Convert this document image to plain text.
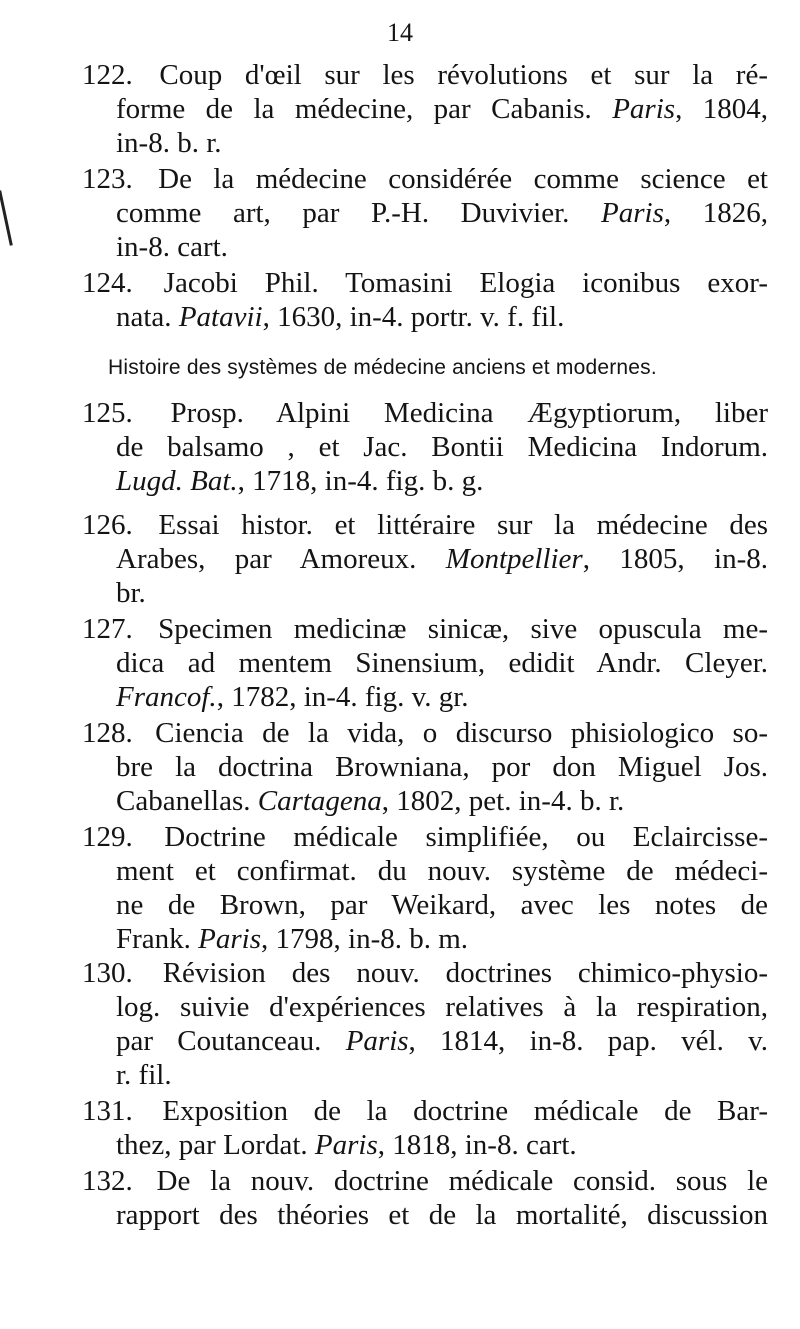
14
122. Coup d'œil sur les révolutions et sur la ré-
forme de la médecine, par Cabanis. Paris, 1804,
in-8. b. r.
123. De la médecine considérée comme science et
comme art, par P.-H. Duvivier. Paris, 1826,
in-8. cart.
124. Jacobi Phil. Tomasini Elogia iconibus exor-
nata. Patavii, 1630, in-4. portr. v. f. fil.
Histoire des systèmes de médecine anciens et modernes.
125. Prosp. Alpini Medicina Ægyptiorum, liber
de balsamo , et Jac. Bontii Medicina Indorum.
Lugd. Bat., 1718, in-4. fig. b. g.
126. Essai histor. et littéraire sur la médecine des
Arabes, par Amoreux. Montpellier, 1805, in-8.
br.
127. Specimen medicinæ sinicæ, sive opuscula me-
dica ad mentem Sinensium, edidit Andr. Cleyer.
Francof., 1782, in-4. fig. v. gr.
128. Ciencia de la vida, o discurso phisiologico so-
bre la doctrina Browniana, por don Miguel Jos.
Cabanellas. Cartagena, 1802, pet. in-4. b. r.
129. Doctrine médicale simplifiée, ou Eclaircisse-
ment et confirmat. du nouv. système de médeci-
ne de Brown, par Weikard, avec les notes de
Frank. Paris, 1798, in-8. b. m.
130. Révision des nouv. doctrines chimico-physio-
log. suivie d'expériences relatives à la respiration,
par Coutanceau. Paris, 1814, in-8. pap. vél. v.
r. fil.
131. Exposition de la doctrine médicale de Bar-
thez, par Lordat. Paris, 1818, in-8. cart.
132. De la nouv. doctrine médicale consid. sous le
rapport des théories et de la mortalité, discussion
